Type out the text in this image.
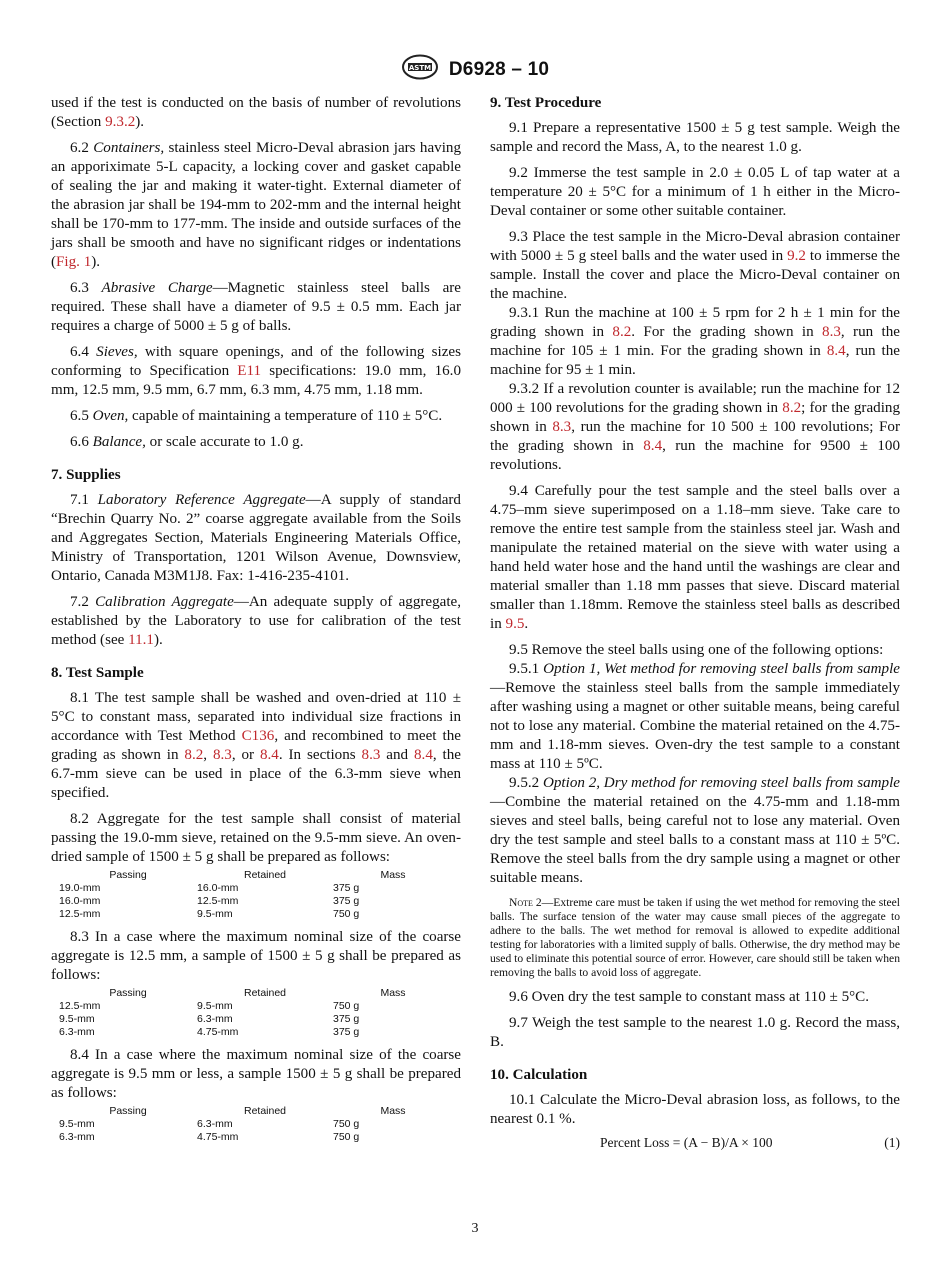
ASTM D6928 – 10

used if the test is conducted on the basis of number of revolutions (Section 9.3.2).

6.2 Containers, stainless steel Micro-Deval abrasion jars having an apporiximate 5-L capacity, a locking cover and gasket capable of sealing the jar and making it water-tight. External diameter of the abrasion jar shall be 194-mm to 202-mm and the internal height shall be 170-mm to 177-mm. The inside and outside surfaces of the jars shall be smooth and have no significant ridges or indentations (Fig. 1).

6.3 Abrasive Charge—Magnetic stainless steel balls are required. These shall have a diameter of 9.5 ± 0.5 mm. Each jar requires a charge of 5000 ± 5 g of balls.

6.4 Sieves, with square openings, and of the following sizes conforming to Specification E11 specifications: 19.0 mm, 16.0 mm, 12.5 mm, 9.5 mm, 6.7 mm, 6.3 mm, 4.75 mm, 1.18 mm.

6.5 Oven, capable of maintaining a temperature of 110 ± 5°C.

6.6 Balance, or scale accurate to 1.0 g.

7. Supplies

7.1 Laboratory Reference Aggregate—A supply of standard “Brechin Quarry No. 2” coarse aggregate available from the Soils and Aggregates Section, Materials Engineering Materials Office, Ministry of Transportation, 1201 Wilson Avenue, Downsview, Ontario, Canada M3M1J8. Fax: 1-416-235-4101.

7.2 Calibration Aggregate—An adequate supply of aggregate, established by the Laboratory to use for calibration of the test method (see 11.1).

8. Test Sample

8.1 The test sample shall be washed and oven-dried at 110 ± 5°C to constant mass, separated into individual size fractions in accordance with Test Method C136, and recombined to meet the grading as shown in 8.2, 8.3, or 8.4. In sections 8.3 and 8.4, the 6.7-mm sieve can be used in place of the 6.3-mm sieve when specified.

8.2 Aggregate for the test sample shall consist of material passing the 19.0-mm sieve, retained on the 9.5-mm sieve. An oven-dried sample of 1500 ± 5 g shall be prepared as follows:

Passing	Retained	Mass
19.0-mm	16.0-mm	375 g
16.0-mm	12.5-mm	375 g
12.5-mm	9.5-mm	750 g

8.3 In a case where the maximum nominal size of the coarse aggregate is 12.5 mm, a sample of 1500 ± 5 g shall be prepared as follows:

Passing	Retained	Mass
12.5-mm	9.5-mm	750 g
9.5-mm	6.3-mm	375 g
6.3-mm	4.75-mm	375 g

8.4 In a case where the maximum nominal size of the coarse aggregate is 9.5 mm or less, a sample 1500 ± 5 g shall be prepared as follows:

Passing	Retained	Mass
9.5-mm	6.3-mm	750 g
6.3-mm	4.75-mm	750 g
9. Test Procedure

9.1 Prepare a representative 1500 ± 5 g test sample. Weigh the sample and record the Mass, A, to the nearest 1.0 g.

9.2 Immerse the test sample in 2.0 ± 0.05 L of tap water at a temperature 20 ± 5°C for a minimum of 1 h either in the Micro-Deval container or some other suitable container.

9.3 Place the test sample in the Micro-Deval abrasion container with 5000 ± 5 g steel balls and the water used in 9.2 to immerse the sample. Install the cover and place the Micro-Deval container on the machine.

9.3.1 Run the machine at 100 ± 5 rpm for 2 h ± 1 min for the grading shown in 8.2. For the grading shown in 8.3, run the machine for 105 ± 1 min. For the grading shown in 8.4, run the machine for 95 ± 1 min.

9.3.2 If a revolution counter is available; run the machine for 12 000 ± 100 revolutions for the grading shown in 8.2; for the grading shown in 8.3, run the machine for 10 500 ± 100 revolutions; For the grading shown in 8.4, run the machine for 9500 ± 100 revolutions.

9.4 Carefully pour the test sample and the steel balls over a 4.75–mm sieve superimposed on a 1.18–mm sieve. Take care to remove the entire test sample from the stainless steel jar. Wash and manipulate the retained material on the sieve with water using a hand held water hose and the hand until the washings are clear and material smaller than 1.18 mm passes that sieve. Discard material smaller than 1.18mm. Remove the stainless steel balls as described in 9.5.

9.5 Remove the steel balls using one of the following options:

9.5.1 Option 1, Wet method for removing steel balls from sample—Remove the stainless steel balls from the sample immediately after washing using a magnet or other suitable means, being careful not to lose any material. Combine the material retained on the 4.75-mm and 1.18-mm sieves. Oven-dry the test sample to a constant mass at 110 ± 5ºC.

9.5.2 Option 2, Dry method for removing steel balls from sample—Combine the material retained on the 4.75-mm and 1.18-mm sieves and steel balls, being careful not to lose any material. Oven dry the test sample and steel balls to a constant mass at 110 ± 5ºC. Remove the steel balls from the dry sample using a magnet or other suitable means.

Note 2—Extreme care must be taken if using the wet method for removing the steel balls. The surface tension of the water may cause small pieces of the aggregate to adhere to the balls. The wet method for removal is allowed to expedite additional testing for laboratories with a limited supply of balls. Otherwise, the dry method may be used to eliminate this potential source of error. However, care should still be taken when removing the balls to avoid loss of aggregate.

9.6 Oven dry the test sample to constant mass at 110 ± 5°C.

9.7 Weigh the test sample to the nearest 1.0 g. Record the mass, B.

10. Calculation

10.1 Calculate the Micro-Deval abrasion loss, as follows, to the nearest 0.1 %.

Percent Loss = (A − B)/A × 100	(1)
3
